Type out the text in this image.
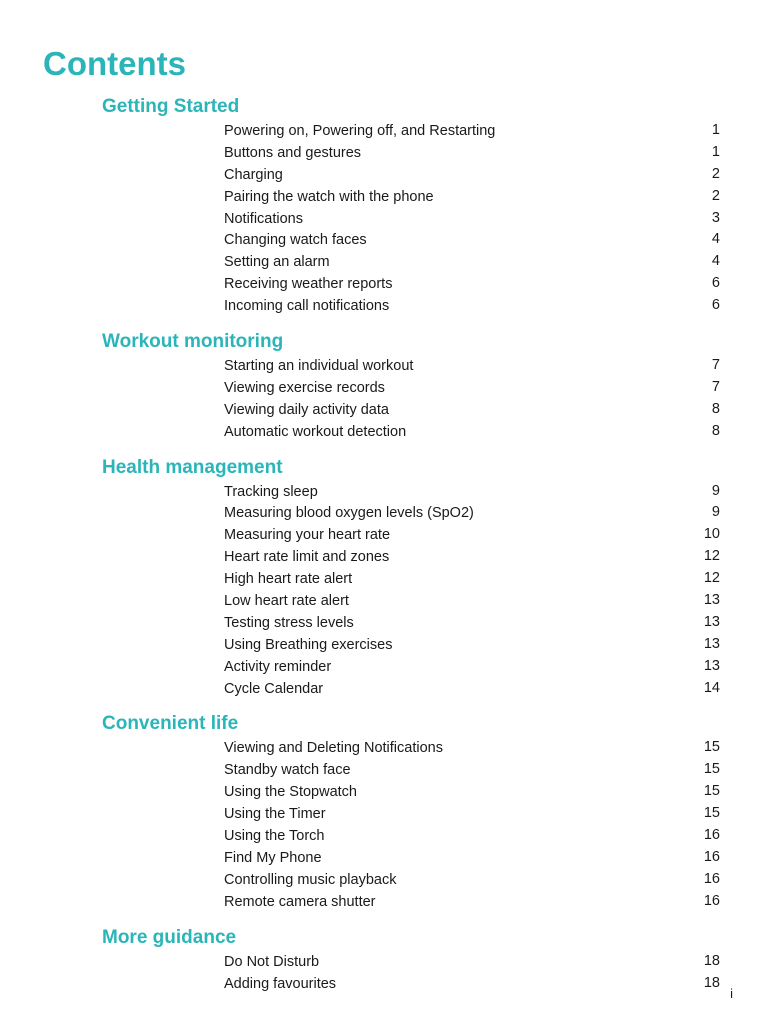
Contents
Getting Started
Powering on, Powering off, and Restarting	1
Buttons and gestures	1
Charging	2
Pairing the watch with the phone	2
Notifications	3
Changing watch faces	4
Setting an alarm	4
Receiving weather reports	6
Incoming call notifications	6
Workout monitoring
Starting an individual workout	7
Viewing exercise records	7
Viewing daily activity data	8
Automatic workout detection	8
Health management
Tracking sleep	9
Measuring blood oxygen levels (SpO2)	9
Measuring your heart rate	10
Heart rate limit and zones	12
High heart rate alert	12
Low heart rate alert	13
Testing stress levels	13
Using Breathing exercises	13
Activity reminder	13
Cycle Calendar	14
Convenient life
Viewing and Deleting Notifications	15
Standby watch face	15
Using the Stopwatch	15
Using the Timer	15
Using the Torch	16
Find My Phone	16
Controlling music playback	16
Remote camera shutter	16
More guidance
Do Not Disturb	18
Adding favourites	18
i
